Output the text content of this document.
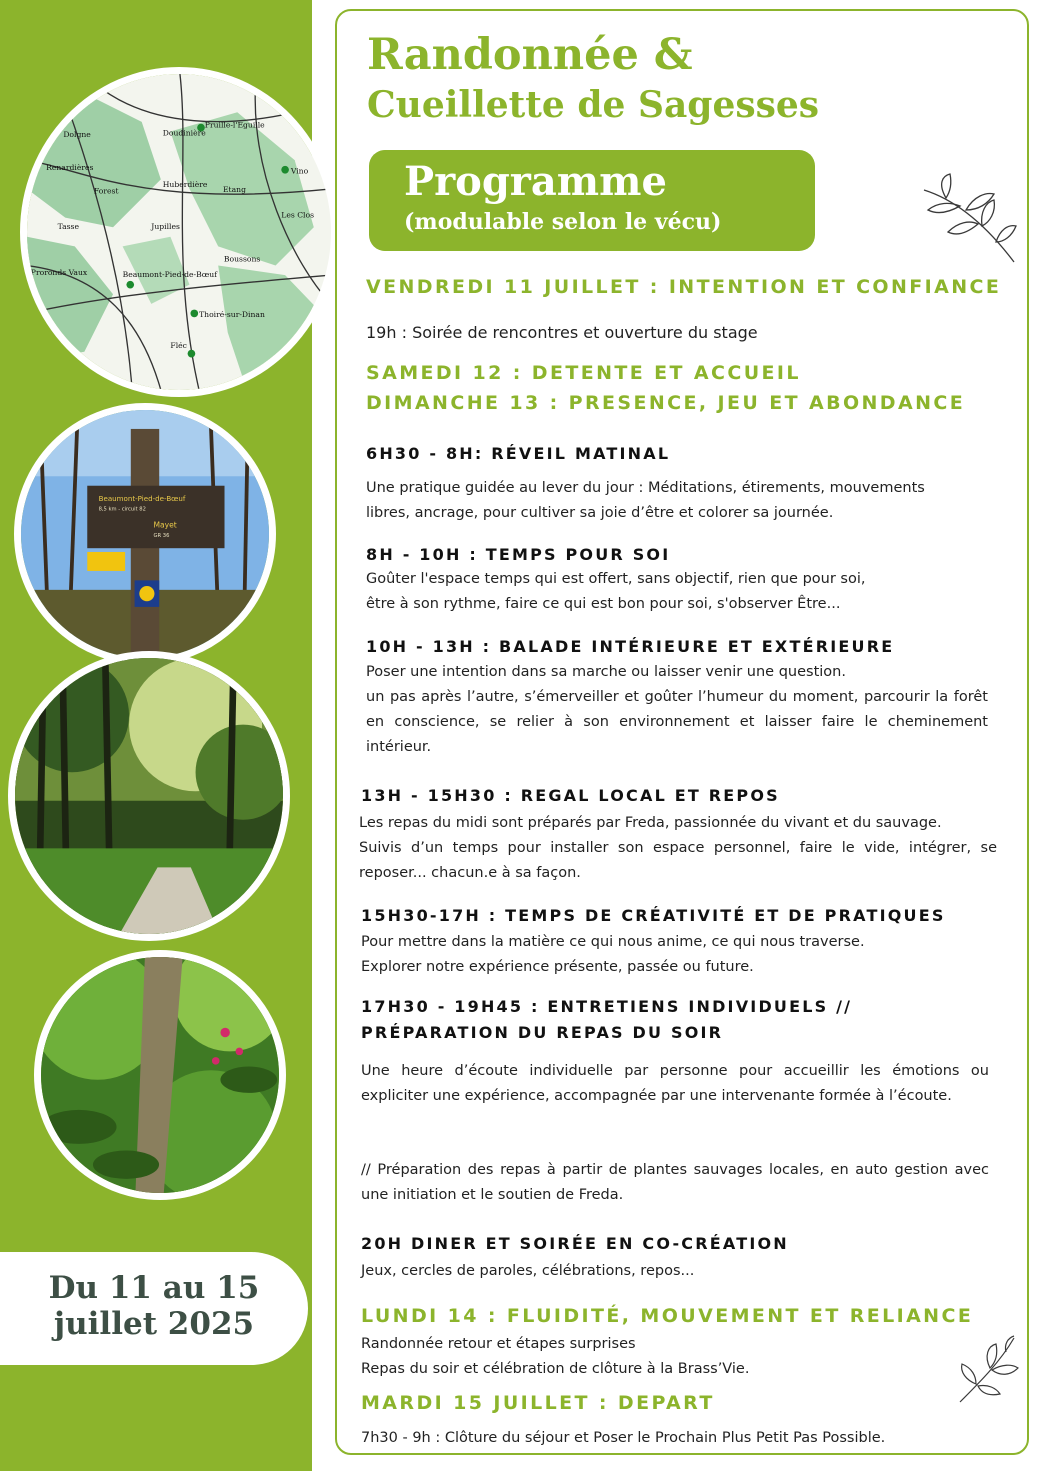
Dolgne	Doudinière
Pruille-l'Eguille
Renardières
Forest
Huberdière
Etang
Vino
Tasse	Jupilles
Les Clos
Proronds Vaux	Beaumont-Pied-de-Bœuf
Boussons
Thoiré-sur-Dinan
Fléc
Beaumont-Pied-de-Bœuf
8,5 km - circuit 82
Mayet
GR 36
Du 11 au 15
juillet 2025
Randonnée &
Cueillette de Sagesses
Programme
(modulable selon le vécu)
VENDREDI 11 JUILLET : INTENTION ET CONFIANCE
19h : Soirée de rencontres et ouverture du stage
SAMEDI 12 : DETENTE ET ACCUEIL
DIMANCHE 13 : PRESENCE, JEU ET ABONDANCE
6H30 - 8H: RÉVEIL MATINAL
Une pratique guidée au lever du jour : Méditations, étirements, mouvements
libres, ancrage, pour cultiver sa joie d’être et colorer sa journée.
8H - 10H : TEMPS POUR SOI
Goûter l'espace temps qui est offert, sans objectif, rien que pour soi,
être à son rythme, faire ce qui est bon pour soi, s'observer Être...
10H - 13H : BALADE INTÉRIEURE ET EXTÉRIEURE
Poser une intention dans sa marche ou laisser venir une question.
un pas après l’autre, s’émerveiller et goûter l’humeur du moment, parcourir la forêt en conscience, se relier à son environnement et laisser faire le cheminement intérieur.
13H - 15H30 : REGAL LOCAL ET REPOS
Les repas du midi sont préparés par Freda, passionnée du vivant et du sauvage.
Suivis d’un temps pour installer son espace personnel, faire le vide, intégrer, se reposer... chacun.e à sa façon.
15H30-17H : TEMPS DE CRÉATIVITÉ ET DE PRATIQUES
Pour mettre dans la matière ce qui nous anime, ce qui nous traverse.
Explorer notre expérience présente, passée ou future.
17H30 - 19H45 : ENTRETIENS INDIVIDUELS //
PRÉPARATION DU REPAS DU SOIR
Une heure d’écoute individuelle par personne pour accueillir les émotions ou expliciter une expérience, accompagnée par une intervenante formée à l’écoute.
// Préparation des repas à partir de plantes sauvages locales, en auto gestion avec une initiation et le soutien de Freda.
20H DINER ET SOIRÉE EN CO-CRÉATION
Jeux, cercles de paroles, célébrations, repos...
LUNDI 14 : FLUIDITÉ, MOUVEMENT ET RELIANCE
Randonnée retour et étapes surprises
Repas du soir et célébration de clôture à la Brass’Vie.
MARDI 15 JUILLET : DEPART
7h30 - 9h : Clôture du séjour et Poser le Prochain Plus Petit Pas Possible.
